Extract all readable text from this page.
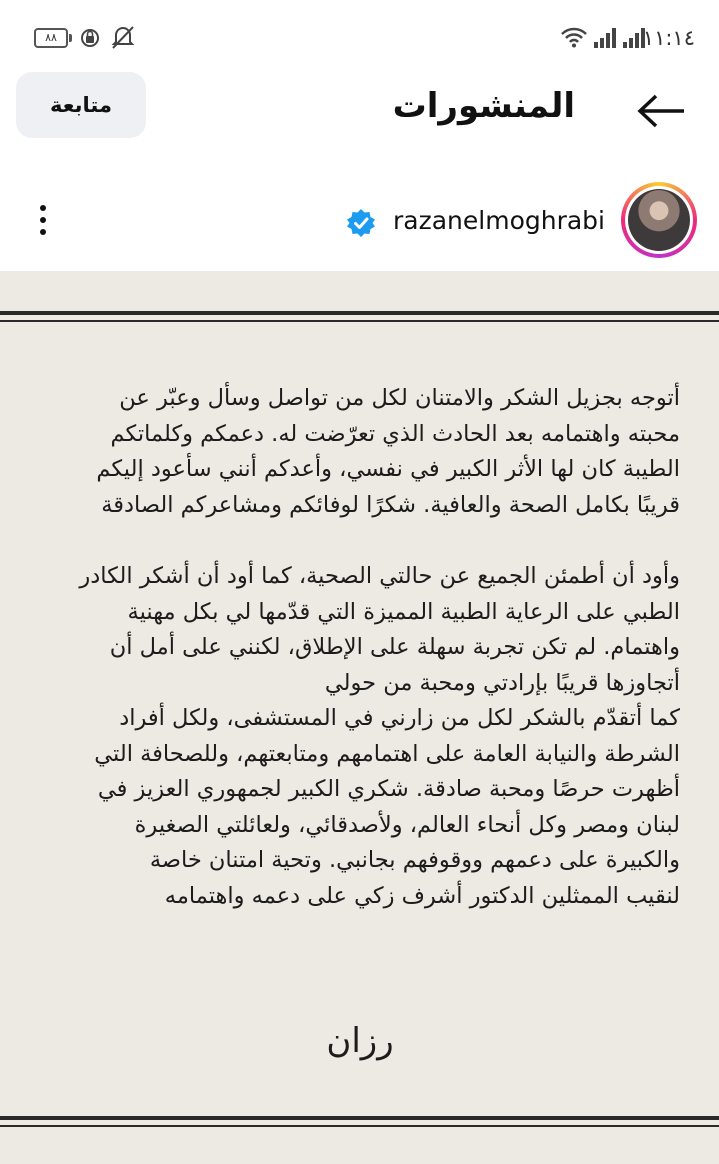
٨٨	١١:١٤
متابعة	المنشورات
razanelmoghrabi

أتوجه بجزيل الشكر والامتنان لكل من تواصل وسأل وعبّر عن

محبته واهتمامه بعد الحادث الذي تعرّضت له. دعمكم وكلماتكم

الطيبة كان لها الأثر الكبير في نفسي، وأعدكم أنني سأعود إليكم

قريبًا بكامل الصحة والعافية. شكرًا لوفائكم ومشاعركم الصادقة

وأود أن أطمئن الجميع عن حالتي الصحية، كما أود أن أشكر الكادر

الطبي على الرعاية الطبية المميزة التي قدّمها لي بكل مهنية

واهتمام. لم تكن تجربة سهلة على الإطلاق، لكنني على أمل أن

أتجاوزها قريبًا بإرادتي ومحبة من حولي

كما أتقدّم بالشكر لكل من زارني في المستشفى، ولكل أفراد

الشرطة والنيابة العامة على اهتمامهم ومتابعتهم، وللصحافة التي

أظهرت حرصًا ومحبة صادقة. شكري الكبير لجمهوري العزيز في

لبنان ومصر وكل أنحاء العالم، ولأصدقائي، ولعائلتي الصغيرة

والكبيرة على دعمهم ووقوفهم بجانبي. وتحية امتنان خاصة

لنقيب الممثلين الدكتور أشرف زكي على دعمه واهتمامه

رزان
